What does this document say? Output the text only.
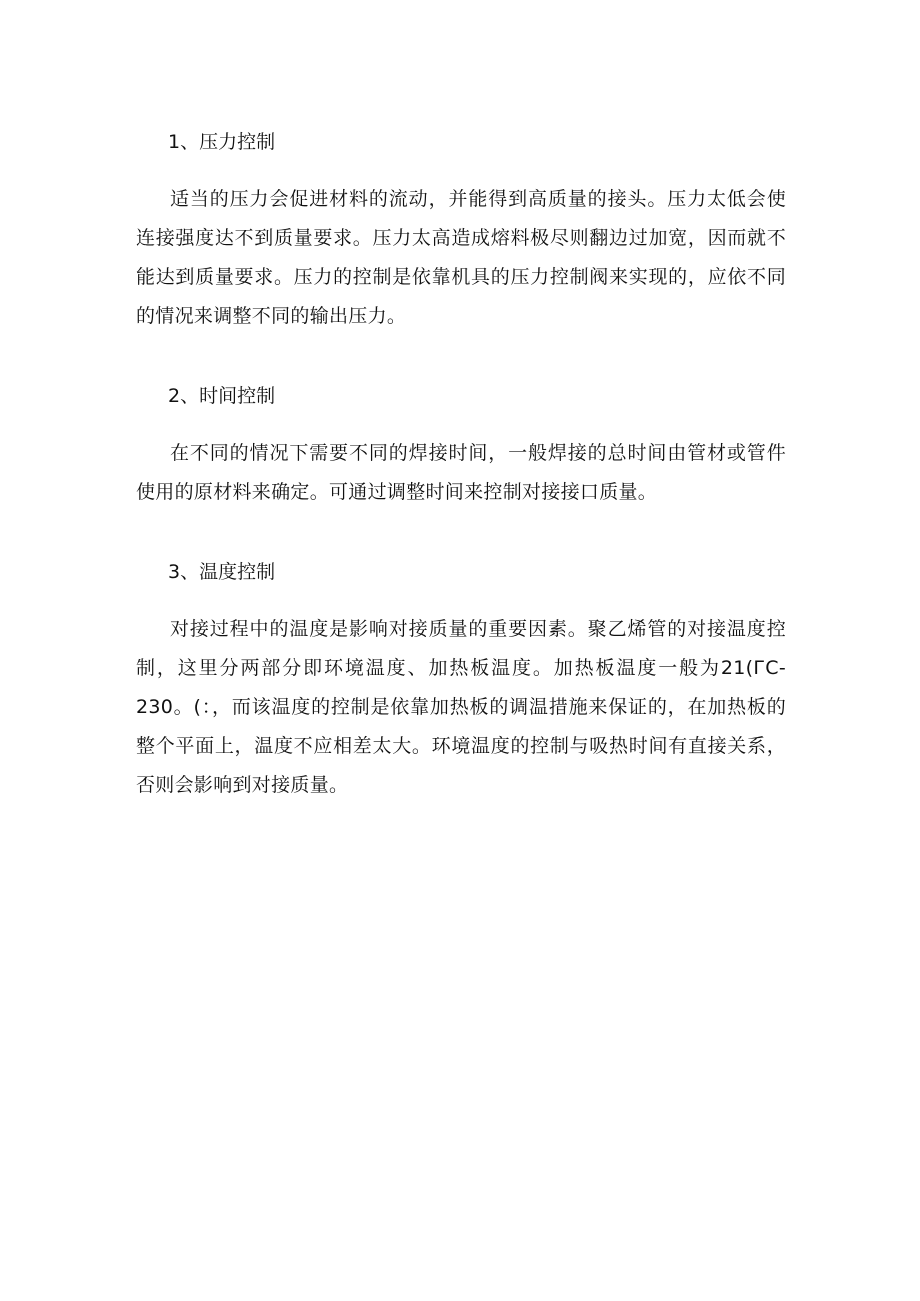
1、压力控制
适当的压力会促进材料的流动，并能得到高质量的接头。压力太低会使连接强度达不到质量要求。压力太高造成熔料极尽则翻边过加宽，因而就不能达到质量要求。压力的控制是依靠机具的压力控制阀来实现的，应依不同的情况来调整不同的输出压力。
2、时间控制
在不同的情况下需要不同的焊接时间，一般焊接的总时间由管材或管件使用的原材料来确定。可通过调整时间来控制对接接口质量。
3、温度控制
对接过程中的温度是影响对接质量的重要因素。聚乙烯管的对接温度控制，这里分两部分即环境温度、加热板温度。加热板温度一般为21(ГC-230。(：，而该温度的控制是依靠加热板的调温措施来保证的，在加热板的整个平面上，温度不应相差太大。环境温度的控制与吸热时间有直接关系，否则会影响到对接质量。
